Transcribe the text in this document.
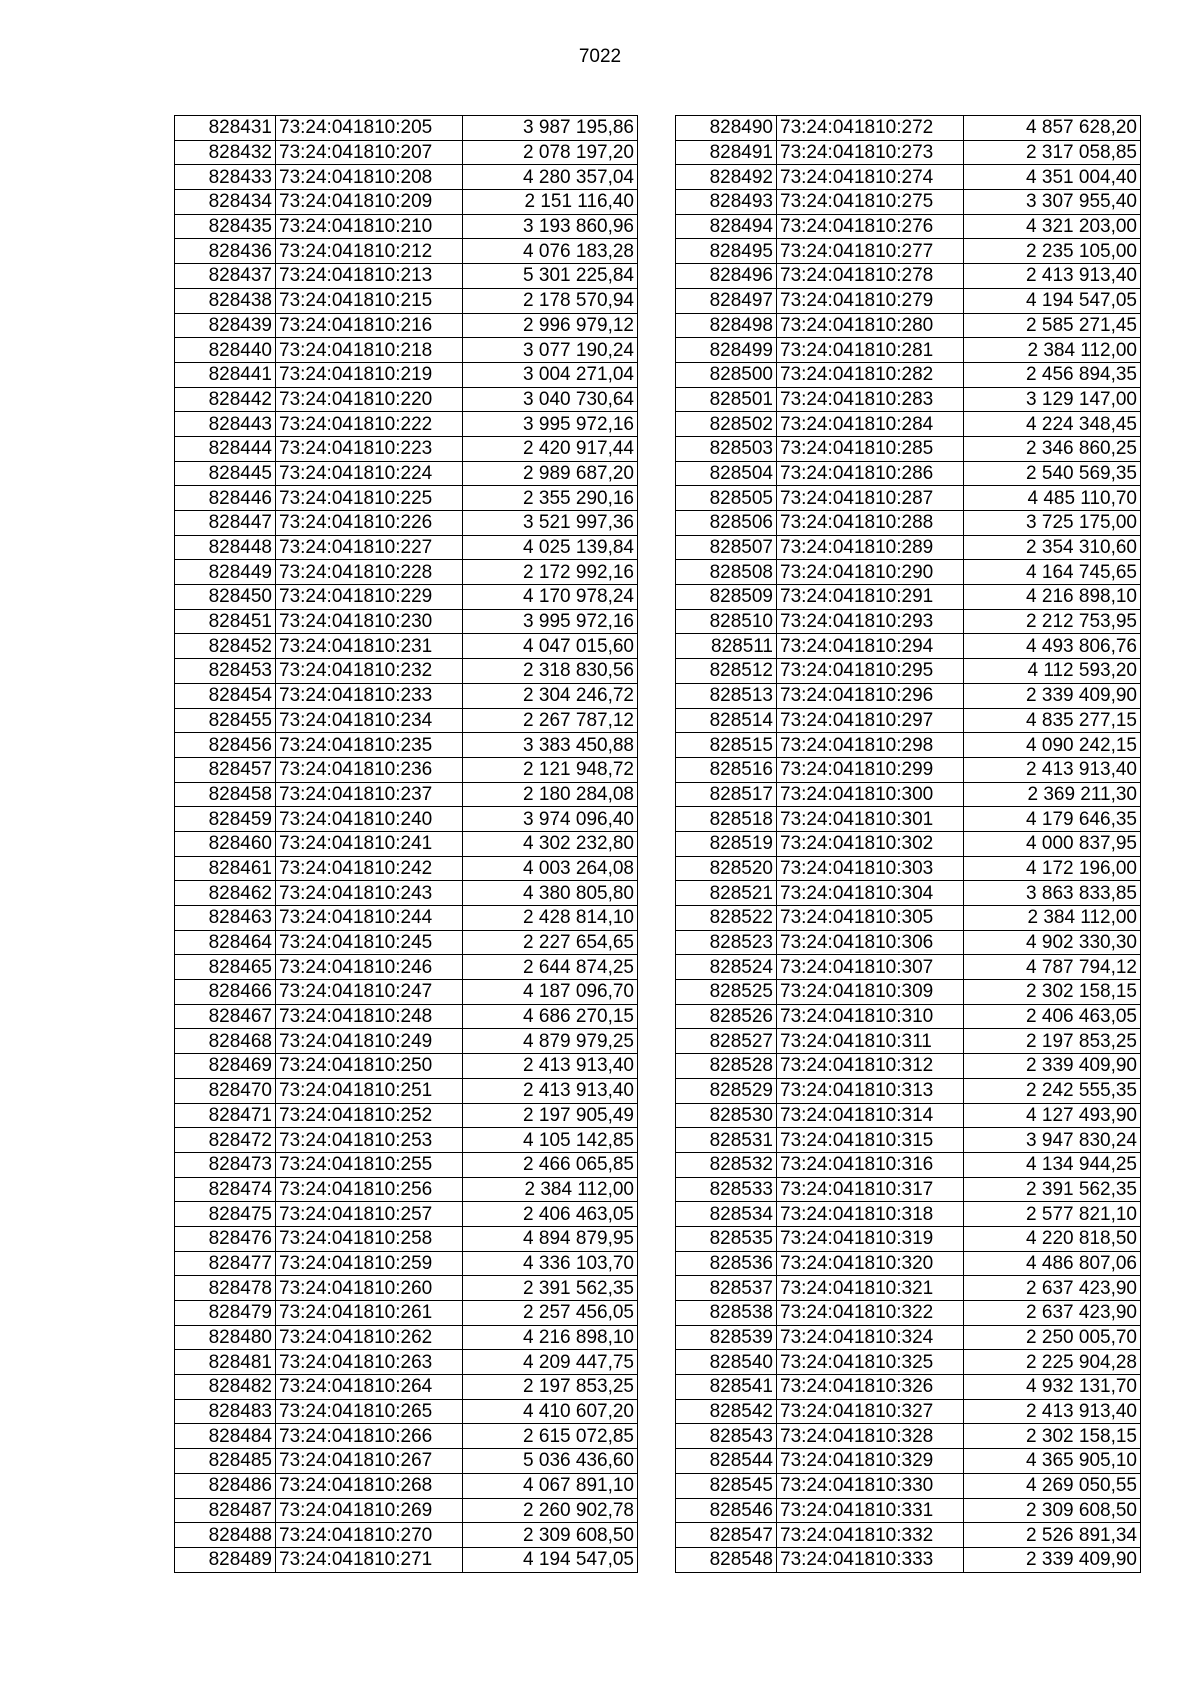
7022
828431	73:24:041810:205	3 987 195,86
828432	73:24:041810:207	2 078 197,20
828433	73:24:041810:208	4 280 357,04
828434	73:24:041810:209	2 151 116,40
828435	73:24:041810:210	3 193 860,96
828436	73:24:041810:212	4 076 183,28
828437	73:24:041810:213	5 301 225,84
828438	73:24:041810:215	2 178 570,94
828439	73:24:041810:216	2 996 979,12
828440	73:24:041810:218	3 077 190,24
828441	73:24:041810:219	3 004 271,04
828442	73:24:041810:220	3 040 730,64
828443	73:24:041810:222	3 995 972,16
828444	73:24:041810:223	2 420 917,44
828445	73:24:041810:224	2 989 687,20
828446	73:24:041810:225	2 355 290,16
828447	73:24:041810:226	3 521 997,36
828448	73:24:041810:227	4 025 139,84
828449	73:24:041810:228	2 172 992,16
828450	73:24:041810:229	4 170 978,24
828451	73:24:041810:230	3 995 972,16
828452	73:24:041810:231	4 047 015,60
828453	73:24:041810:232	2 318 830,56
828454	73:24:041810:233	2 304 246,72
828455	73:24:041810:234	2 267 787,12
828456	73:24:041810:235	3 383 450,88
828457	73:24:041810:236	2 121 948,72
828458	73:24:041810:237	2 180 284,08
828459	73:24:041810:240	3 974 096,40
828460	73:24:041810:241	4 302 232,80
828461	73:24:041810:242	4 003 264,08
828462	73:24:041810:243	4 380 805,80
828463	73:24:041810:244	2 428 814,10
828464	73:24:041810:245	2 227 654,65
828465	73:24:041810:246	2 644 874,25
828466	73:24:041810:247	4 187 096,70
828467	73:24:041810:248	4 686 270,15
828468	73:24:041810:249	4 879 979,25
828469	73:24:041810:250	2 413 913,40
828470	73:24:041810:251	2 413 913,40
828471	73:24:041810:252	2 197 905,49
828472	73:24:041810:253	4 105 142,85
828473	73:24:041810:255	2 466 065,85
828474	73:24:041810:256	2 384 112,00
828475	73:24:041810:257	2 406 463,05
828476	73:24:041810:258	4 894 879,95
828477	73:24:041810:259	4 336 103,70
828478	73:24:041810:260	2 391 562,35
828479	73:24:041810:261	2 257 456,05
828480	73:24:041810:262	4 216 898,10
828481	73:24:041810:263	4 209 447,75
828482	73:24:041810:264	2 197 853,25
828483	73:24:041810:265	4 410 607,20
828484	73:24:041810:266	2 615 072,85
828485	73:24:041810:267	5 036 436,60
828486	73:24:041810:268	4 067 891,10
828487	73:24:041810:269	2 260 902,78
828488	73:24:041810:270	2 309 608,50
828489	73:24:041810:271	4 194 547,05
828490	73:24:041810:272	4 857 628,20
828491	73:24:041810:273	2 317 058,85
828492	73:24:041810:274	4 351 004,40
828493	73:24:041810:275	3 307 955,40
828494	73:24:041810:276	4 321 203,00
828495	73:24:041810:277	2 235 105,00
828496	73:24:041810:278	2 413 913,40
828497	73:24:041810:279	4 194 547,05
828498	73:24:041810:280	2 585 271,45
828499	73:24:041810:281	2 384 112,00
828500	73:24:041810:282	2 456 894,35
828501	73:24:041810:283	3 129 147,00
828502	73:24:041810:284	4 224 348,45
828503	73:24:041810:285	2 346 860,25
828504	73:24:041810:286	2 540 569,35
828505	73:24:041810:287	4 485 110,70
828506	73:24:041810:288	3 725 175,00
828507	73:24:041810:289	2 354 310,60
828508	73:24:041810:290	4 164 745,65
828509	73:24:041810:291	4 216 898,10
828510	73:24:041810:293	2 212 753,95
828511	73:24:041810:294	4 493 806,76
828512	73:24:041810:295	4 112 593,20
828513	73:24:041810:296	2 339 409,90
828514	73:24:041810:297	4 835 277,15
828515	73:24:041810:298	4 090 242,15
828516	73:24:041810:299	2 413 913,40
828517	73:24:041810:300	2 369 211,30
828518	73:24:041810:301	4 179 646,35
828519	73:24:041810:302	4 000 837,95
828520	73:24:041810:303	4 172 196,00
828521	73:24:041810:304	3 863 833,85
828522	73:24:041810:305	2 384 112,00
828523	73:24:041810:306	4 902 330,30
828524	73:24:041810:307	4 787 794,12
828525	73:24:041810:309	2 302 158,15
828526	73:24:041810:310	2 406 463,05
828527	73:24:041810:311	2 197 853,25
828528	73:24:041810:312	2 339 409,90
828529	73:24:041810:313	2 242 555,35
828530	73:24:041810:314	4 127 493,90
828531	73:24:041810:315	3 947 830,24
828532	73:24:041810:316	4 134 944,25
828533	73:24:041810:317	2 391 562,35
828534	73:24:041810:318	2 577 821,10
828535	73:24:041810:319	4 220 818,50
828536	73:24:041810:320	4 486 807,06
828537	73:24:041810:321	2 637 423,90
828538	73:24:041810:322	2 637 423,90
828539	73:24:041810:324	2 250 005,70
828540	73:24:041810:325	2 225 904,28
828541	73:24:041810:326	4 932 131,70
828542	73:24:041810:327	2 413 913,40
828543	73:24:041810:328	2 302 158,15
828544	73:24:041810:329	4 365 905,10
828545	73:24:041810:330	4 269 050,55
828546	73:24:041810:331	2 309 608,50
828547	73:24:041810:332	2 526 891,34
828548	73:24:041810:333	2 339 409,90
